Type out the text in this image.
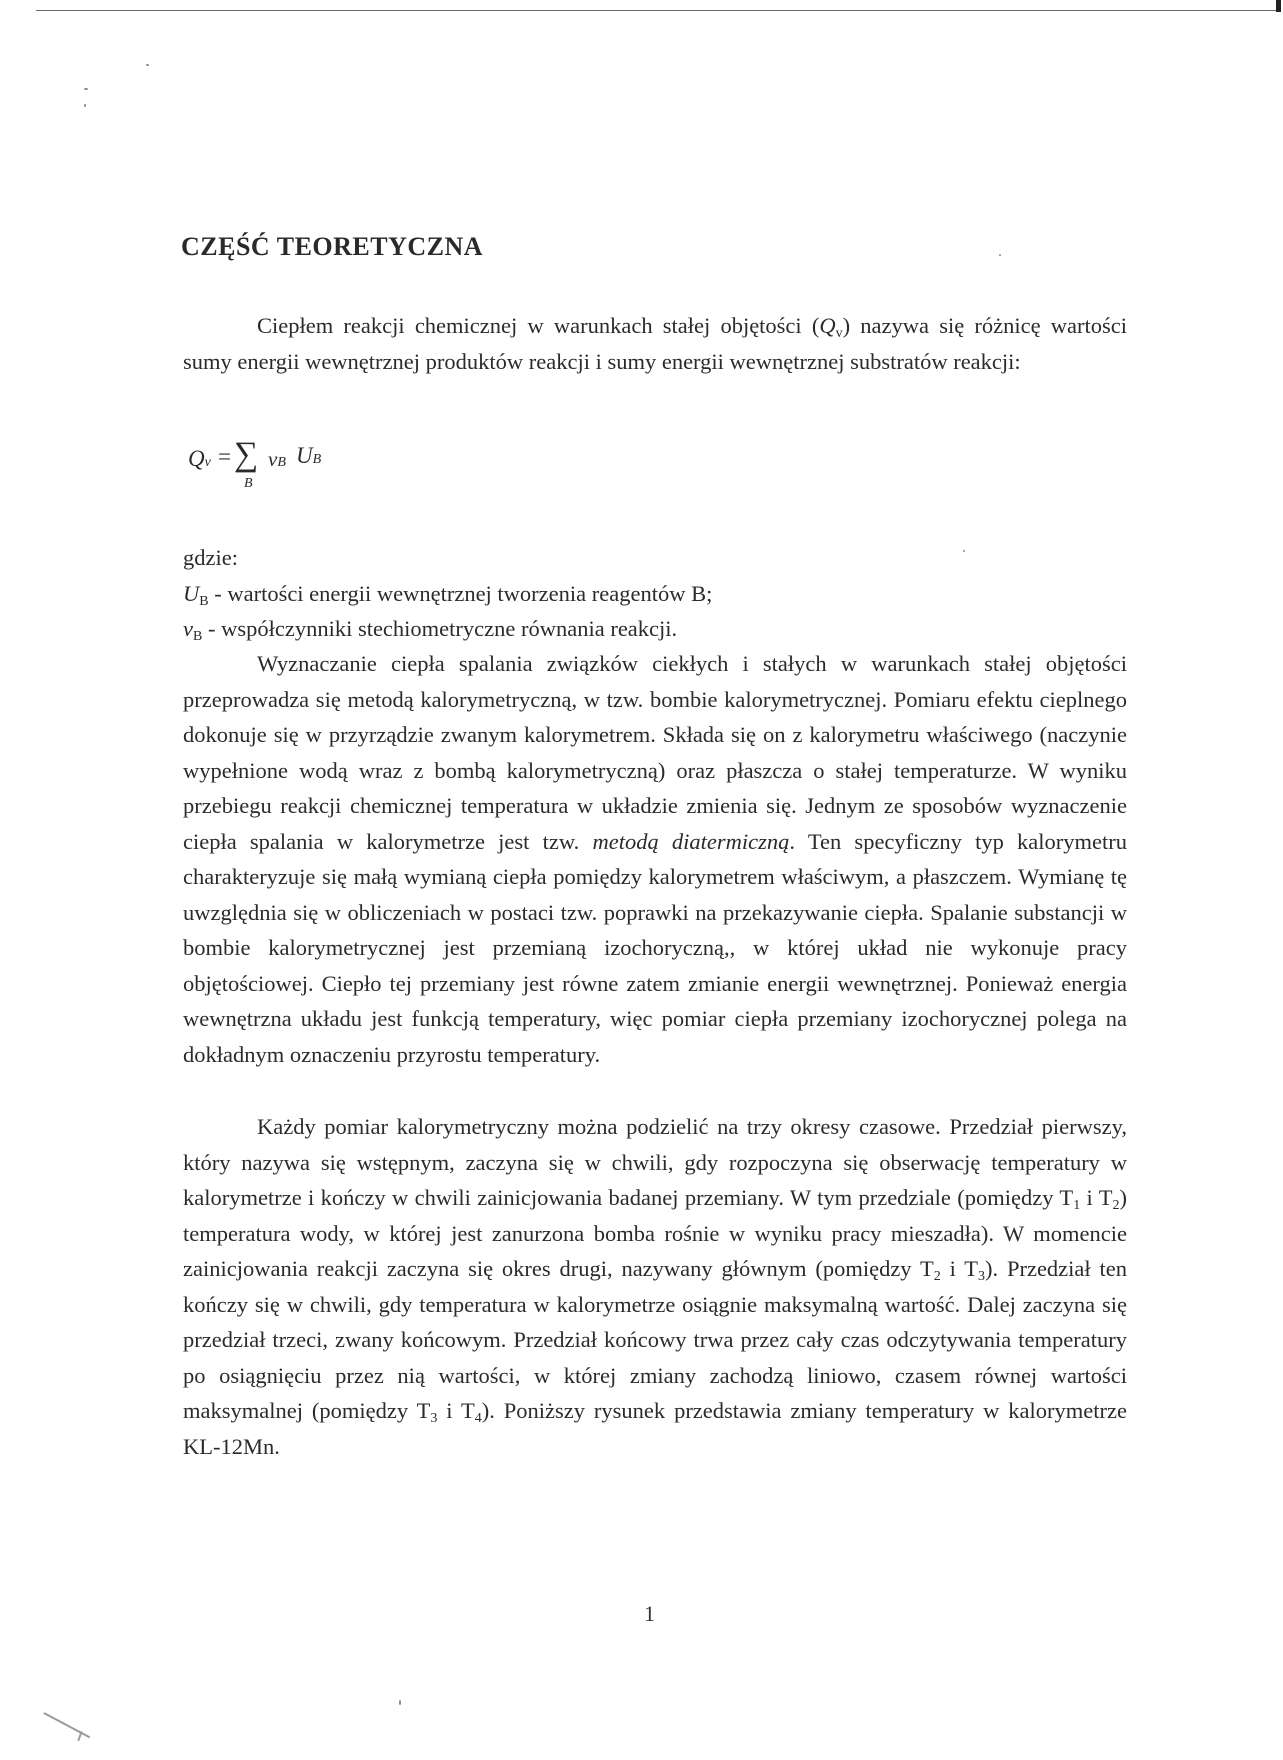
CZĘŚĆ TEORETYCZNA

Ciepłem reakcji chemicznej w warunkach stałej objętości $(Q_v)$ nazywa się różnicę wartości sumy energii wewnętrznej produktów reakcji i sumy energii wewnętrznej substratów reakcji:

Qv = ∑
B
vB UB
gdzie:
$U_B$ - wartości energii wewnętrznej tworzenia reagentów B;
$\nu_B$ - współczynniki stechiometryczne równania reakcji.

Wyznaczanie ciepła spalania związków ciekłych i stałych w warunkach stałej objętości przeprowadza się metodą kalorymetryczną, w tzw. bombie kalorymetrycznej. Pomiaru efektu cieplnego dokonuje się w przyrządzie zwanym kalorymetrem. Składa się on z kalorymetru właściwego (naczynie wypełnione wodą wraz z bombą kalorymetryczną) oraz płaszcza o stałej temperaturze. W wyniku przebiegu reakcji chemicznej temperatura w układzie zmienia się. Jednym ze sposobów wyznaczenie ciepła spalania w kalorymetrze jest tzw. metodą diatermiczną. Ten specyficzny typ kalorymetru charakteryzuje się małą wymianą ciepła pomiędzy kalorymetrem właściwym, a płaszczem. Wymianę tę uwzględnia się w obliczeniach w postaci tzw. poprawki na przekazywanie ciepła. Spalanie substancji w bombie kalorymetrycznej jest przemianą izochoryczną,, w której układ nie wykonuje pracy objętościowej. Ciepło tej przemiany jest równe zatem zmianie energii wewnętrznej. Ponieważ energia wewnętrzna układu jest funkcją temperatury, więc pomiar ciepła przemiany izochorycznej polega na dokładnym oznaczeniu przyrostu temperatury.

Każdy pomiar kalorymetryczny można podzielić na trzy okresy czasowe. Przedział pierwszy, który nazywa się wstępnym, zaczyna się w chwili, gdy rozpoczyna się obserwację temperatury w kalorymetrze i kończy w chwili zainicjowania badanej przemiany. W tym przedziale (pomiędzy $T_1$ i $T_2$) temperatura wody, w której jest zanurzona bomba rośnie w wyniku pracy mieszadła). W momencie zainicjowania reakcji zaczyna się okres drugi, nazywany głównym (pomiędzy $T_2$ i $T_3$). Przedział ten kończy się w chwili, gdy temperatura w kalorymetrze osiągnie maksymalną wartość. Dalej zaczyna się przedział trzeci, zwany końcowym. Przedział końcowy trwa przez cały czas odczytywania temperatury po osiągnięciu przez nią wartości, w której zmiany zachodzą liniowo, czasem równej wartości maksymalnej (pomiędzy $T_3$ i $T_4$). Poniższy rysunek przedstawia zmiany temperatury w kalorymetrze KL-12Mn.

1
